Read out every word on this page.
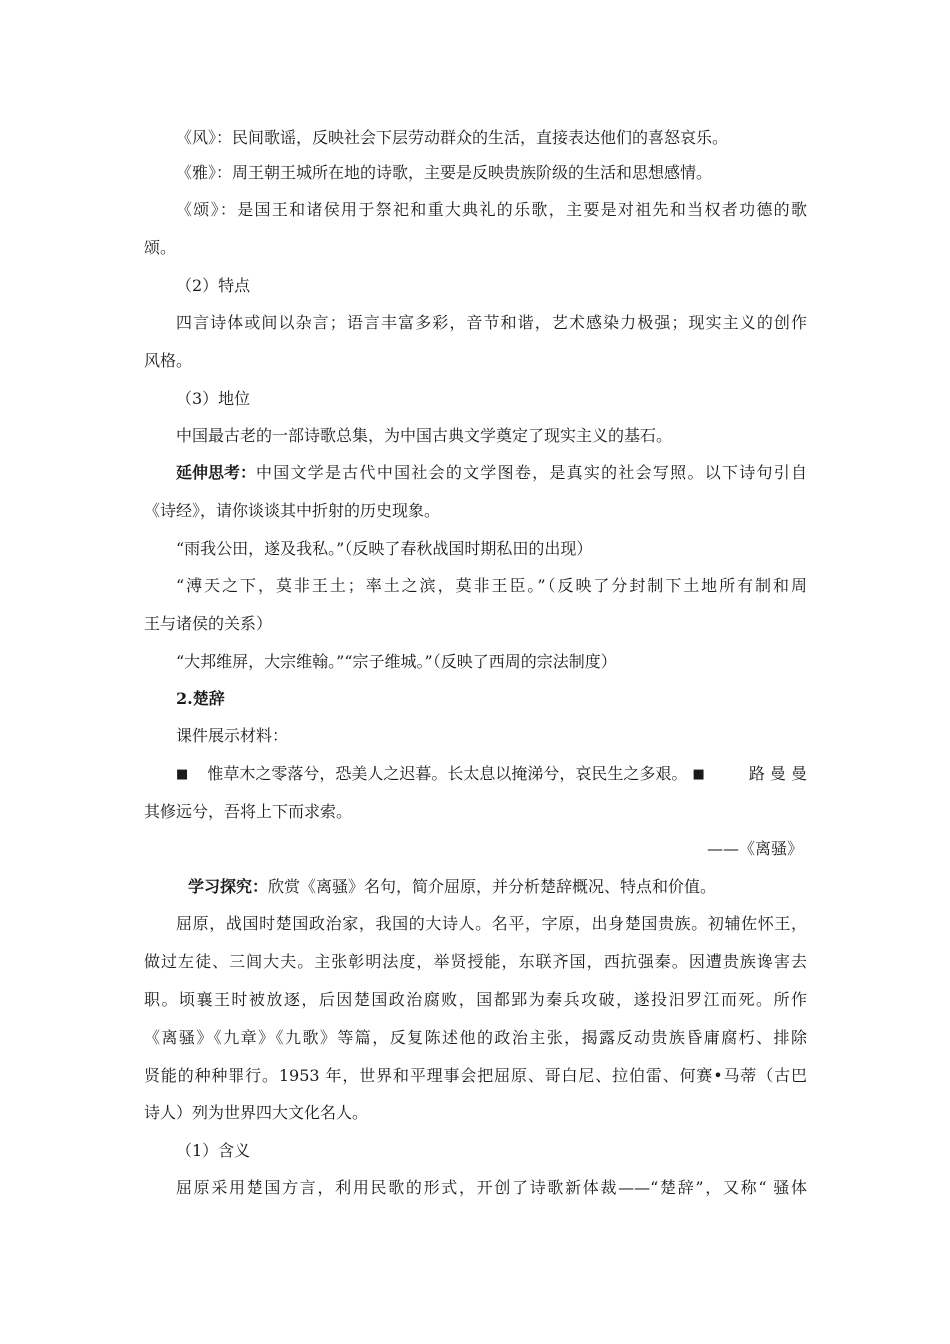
《风》：民间歌谣，反映社会下层劳动群众的生活，直接表达他们的喜怒哀乐。
《雅》：周王朝王城所在地的诗歌，主要是反映贵族阶级的生活和思想感情。
《颂》：是国王和诸侯用于祭祀和重大典礼的乐歌，主要是对祖先和当权者功德的歌
颂。
（2）特点
四言诗体或间以杂言；语言丰富多彩，音节和谐，艺术感染力极强；现实主义的创作
风格。
（3）地位
中国最古老的一部诗歌总集，为中国古典文学奠定了现实主义的基石。
延伸思考： 中国文学是古代中国社会的文学图卷，是真实的社会写照。以下诗句引自
《诗经》，请你谈谈其中折射的历史现象。
“雨我公田，遂及我私。”（反映了春秋战国时期私田的出现）
“溥天之下，莫非王土；率土之滨，莫非王臣。”（反映了分封制下土地所有制和周
王与诸侯的关系）
“大邦维屏，大宗维翰。”“宗子维城。”（反映了西周的宗法制度）
2.楚辞
课件展示材料：
■ 惟草木之零落兮，恐美人之迟暮。长太息以掩涕兮，哀民生之多艰。 ■	路 曼 曼
其修远兮，吾将上下而求索。
——《离骚》
学习探究：欣赏《离骚》名句，简介屈原，并分析楚辞概况、特点和价值。
屈原，战国时楚国政治家，我国的大诗人。名平，字原，出身楚国贵族。初辅佐怀王，
做过左徒、三闾大夫。主张彰明法度，举贤授能，东联齐国，西抗强秦。因遭贵族谗害去
职。顷襄王时被放逐，后因楚国政治腐败，国都郢为秦兵攻破，遂投汨罗江而死。所作
《离骚》《九章》《九歌》等篇，反复陈述他的政治主张，揭露反动贵族昏庸腐朽、排除
贤能的种种罪行。1953 年，世界和平理事会把屈原、哥白尼、拉伯雷、何赛•马蒂（古巴
诗人）列为世界四大文化名人。
（1）含义
屈原采用楚国方言，利用民歌的形式，开创了诗歌新体裁——“楚辞”，又称“ 骚体
